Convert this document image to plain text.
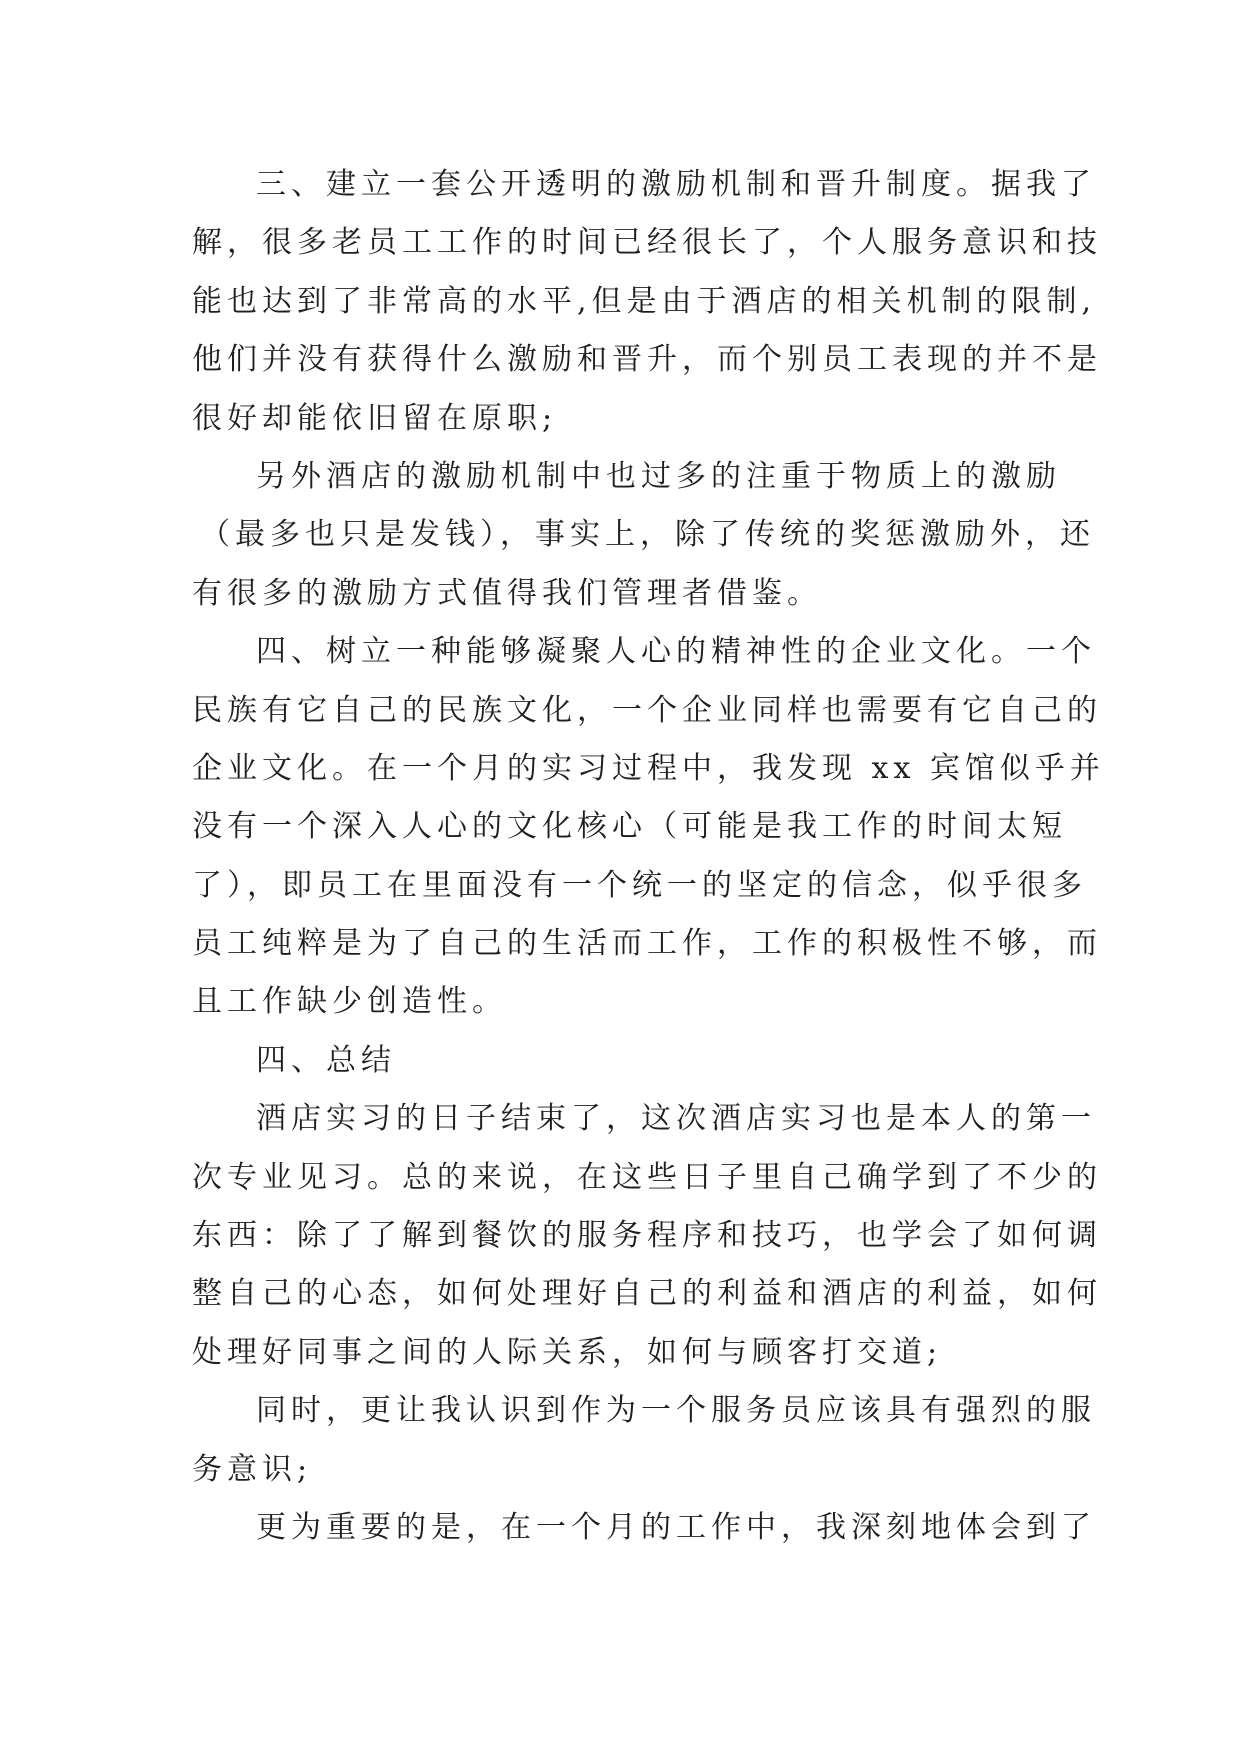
三、建立一套公开透明的激励机制和晋升制度。据我了
解，很多老员工工作的时间已经很长了，个人服务意识和技
能也达到了非常高的水平,但是由于酒店的相关机制的限制,
他们并没有获得什么激励和晋升，而个别员工表现的并不是
很好却能依旧留在原职;
另外酒店的激励机制中也过多的注重于物质上的激励
（最多也只是发钱），事实上，除了传统的奖惩激励外，还
有很多的激励方式值得我们管理者借鉴。
四、树立一种能够凝聚人心的精神性的企业文化。一个
民族有它自己的民族文化，一个企业同样也需要有它自己的
企业文化。在一个月的实习过程中，我发现 xx 宾馆似乎并
没有一个深入人心的文化核心（可能是我工作的时间太短
了），即员工在里面没有一个统一的坚定的信念，似乎很多
员工纯粹是为了自己的生活而工作，工作的积极性不够，而
且工作缺少创造性。
四、总结
酒店实习的日子结束了，这次酒店实习也是本人的第一
次专业见习。总的来说，在这些日子里自己确学到了不少的
东西：除了了解到餐饮的服务程序和技巧，也学会了如何调
整自己的心态，如何处理好自己的利益和酒店的利益，如何
处理好同事之间的人际关系，如何与顾客打交道;
同时，更让我认识到作为一个服务员应该具有强烈的服
务意识;
更为重要的是，在一个月的工作中，我深刻地体会到了
